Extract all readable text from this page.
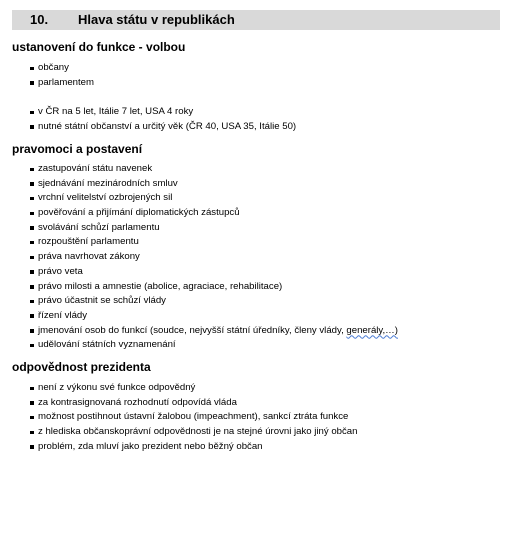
10. Hlava státu v republikách
ustanovení do funkce - volbou
občany
parlamentem
v ČR na 5 let, Itálie 7 let, USA 4 roky
nutné státní občanství a určitý věk (ČR 40, USA 35, Itálie 50)
pravomoci a postavení
zastupování státu navenek
sjednávání mezinárodních smluv
vrchní velitelství ozbrojených sil
pověřování a přijímání diplomatických zástupců
svolávání schůzí parlamentu
rozpouštění parlamentu
práva navrhovat zákony
právo veta
právo milosti a amnestie (abolice, agraciace, rehabilitace)
právo účastnit se schůzí vlády
řízení vlády
jmenování osob do funkcí (soudce, nejvyšší státní úředníky, členy vlády, generály,…)
udělování státních vyznamenání
odpovědnost prezidenta
není z výkonu své funkce odpovědný
za kontrasignovaná rozhodnutí odpovídá vláda
možnost postihnout ústavní žalobou (impeachment), sankcí ztráta funkce
z hlediska občanskoprávní odpovědnosti je na stejné úrovni jako jiný občan
problém, zda mluví jako prezident nebo běžný občan
